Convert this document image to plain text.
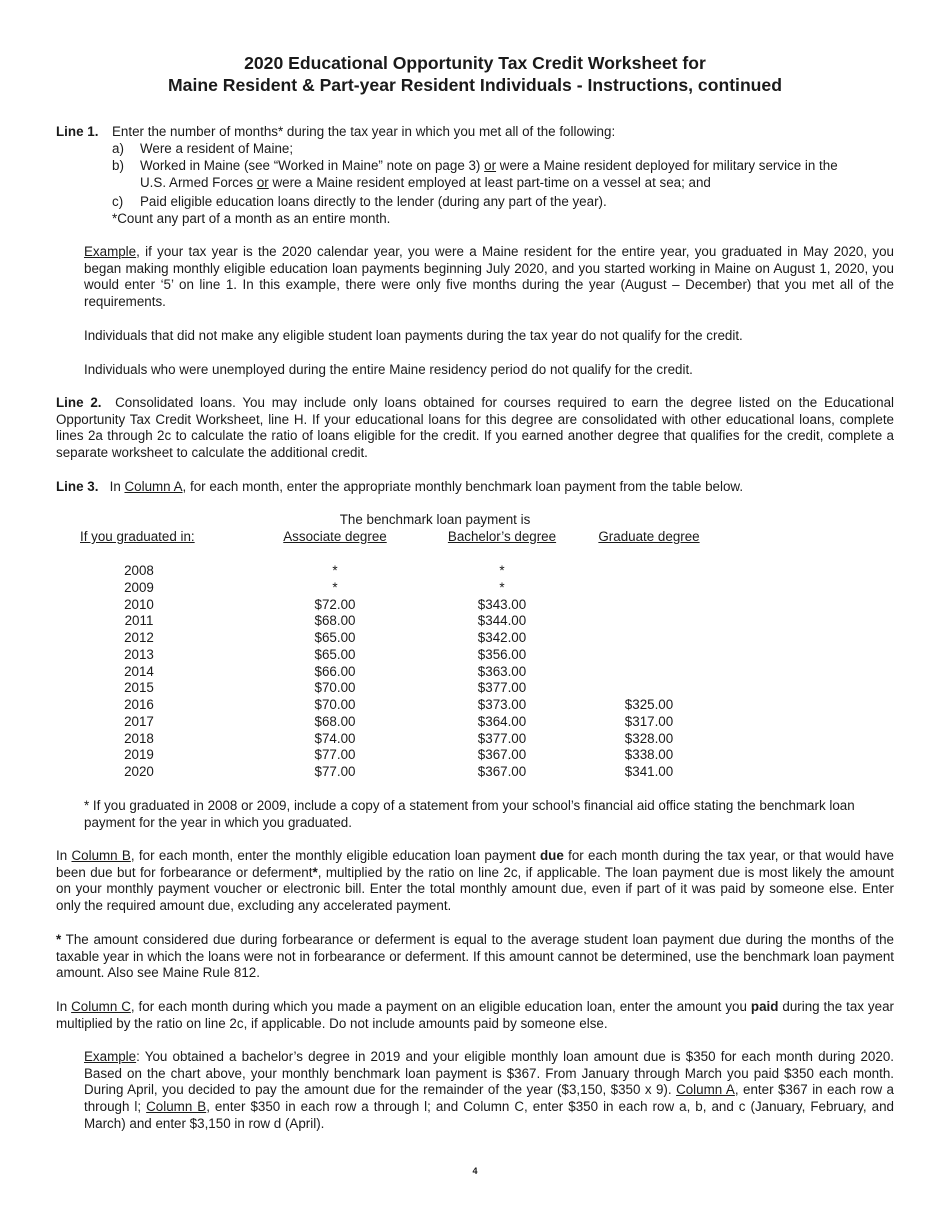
2020 Educational Opportunity Tax Credit Worksheet for
Maine Resident & Part-year Resident Individuals - Instructions, continued
Line 1. Enter the number of months* during the tax year in which you met all of the following:
a) Were a resident of Maine;
b) Worked in Maine (see “Worked in Maine” note on page 3) or were a Maine resident deployed for military service in the
U.S. Armed Forces or were a Maine resident employed at least part-time on a vessel at sea; and
c) Paid eligible education loans directly to the lender (during any part of the year).
*Count any part of a month as an entire month.
Example, if your tax year is the 2020 calendar year, you were a Maine resident for the entire year, you graduated in May 2020, you began making monthly eligible education loan payments beginning July 2020, and you started working in Maine on August 1, 2020, you would enter ‘5’ on line 1. In this example, there were only five months during the year (August – December) that you met all of the requirements.
Individuals that did not make any eligible student loan payments during the tax year do not qualify for the credit.
Individuals who were unemployed during the entire Maine residency period do not qualify for the credit.
Line 2. Consolidated loans. You may include only loans obtained for courses required to earn the degree listed on the Educational Opportunity Tax Credit Worksheet, line H. If your educational loans for this degree are consolidated with other educational loans, complete lines 2a through 2c to calculate the ratio of loans eligible for the credit. If you earned another degree that qualifies for the credit, complete a separate worksheet to calculate the additional credit.
Line 3. In Column A, for each month, enter the appropriate monthly benchmark loan payment from the table below.
The benchmark loan payment is
If you graduated in:	Associate degree	Bachelor’s degree	Graduate degree
2008	*	*
2009	*	*
2010	$72.00	$343.00
2011	$68.00	$344.00
2012	$65.00	$342.00
2013	$65.00	$356.00
2014	$66.00	$363.00
2015	$70.00	$377.00
2016	$70.00	$373.00	$325.00
2017	$68.00	$364.00	$317.00
2018	$74.00	$377.00	$328.00
2019	$77.00	$367.00	$338.00
2020	$77.00	$367.00	$341.00
* If you graduated in 2008 or 2009, include a copy of a statement from your school’s financial aid office stating the benchmark loan payment for the year in which you graduated.
In Column B, for each month, enter the monthly eligible education loan payment due for each month during the tax year, or that would have been due but for forbearance or deferment*, multiplied by the ratio on line 2c, if applicable. The loan payment due is most likely the amount on your monthly payment voucher or electronic bill. Enter the total monthly amount due, even if part of it was paid by someone else. Enter only the required amount due, excluding any accelerated payment.
* The amount considered due during forbearance or deferment is equal to the average student loan payment due during the months of the taxable year in which the loans were not in forbearance or deferment. If this amount cannot be determined, use the benchmark loan payment amount. Also see Maine Rule 812.
In Column C, for each month during which you made a payment on an eligible education loan, enter the amount you paid during the tax year multiplied by the ratio on line 2c, if applicable. Do not include amounts paid by someone else.
Example: You obtained a bachelor’s degree in 2019 and your eligible monthly loan amount due is $350 for each month during 2020. Based on the chart above, your monthly benchmark loan payment is $367. From January through March you paid $350 each month. During April, you decided to pay the amount due for the remainder of the year ($3,150, $350 x 9). Column A, enter $367 in each row a through l; Column B, enter $350 in each row a through l; and Column C, enter $350 in each row a, b, and c (January, February, and March) and enter $3,150 in row d (April).
4
